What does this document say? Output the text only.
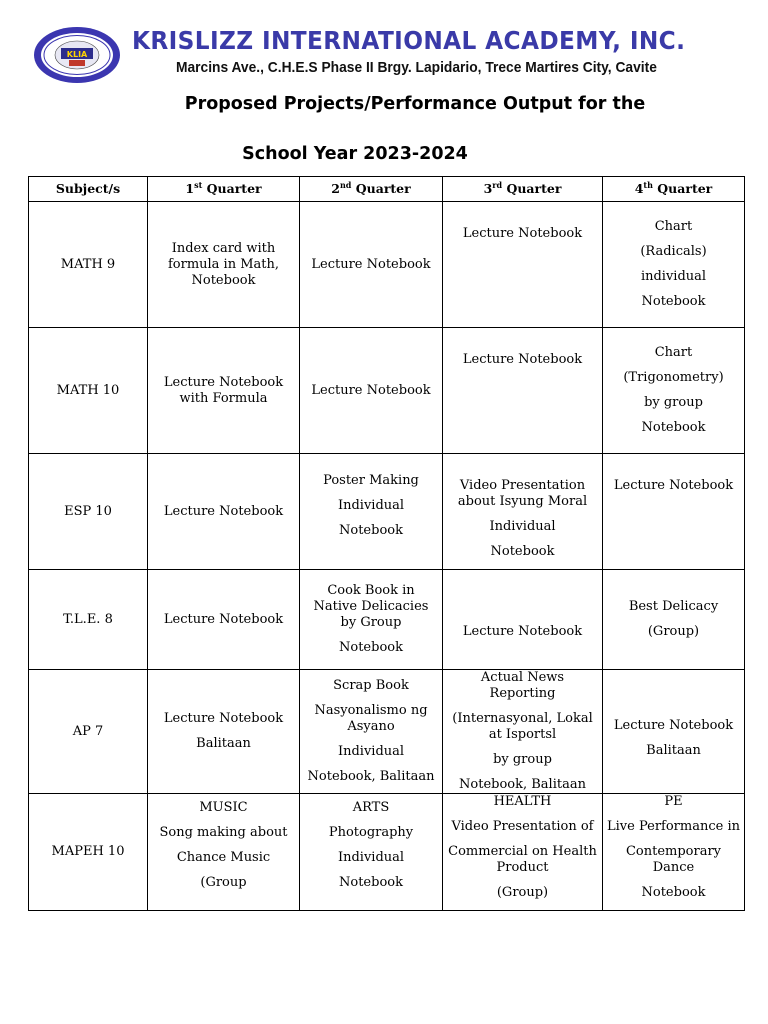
KLIA KRISLIZZ INTERNATIONAL ACADEMY, INC.
Marcins Ave., C.H.E.S Phase II Brgy. Lapidario, Trece Martires City, Cavite
Proposed Projects/Performance Output for the
School Year 2023-2024
Subject/s	1st Quarter	2nd Quarter	3rd Quarter	4th Quarter
MATH 9	Index card with formula in Math, Notebook	Lecture Notebook	Lecture Notebook	Chart
(Radicals)
individual
Notebook

MATH 10	Lecture Notebook with Formula	Lecture Notebook	Lecture Notebook	Chart
(Trigonometry)
by group
Notebook

ESP 10	Lecture Notebook	Poster Making
Individual
Notebook	Video Presentation about Isyung Moral
Individual
Notebook	Lecture Notebook

T.L.E. 8	Lecture Notebook	Cook Book in Native Delicacies by Group
Notebook	Lecture Notebook	Best Delicacy
(Group)

AP 7	Lecture Notebook
Balitaan	Scrap Book
Nasyonalismo ng Asyano
Individual
Notebook, Balitaan	Actual News Reporting
(Internasyonal, Lokal at Isportsl
by group
Notebook, Balitaan	Lecture Notebook
Balitaan

MAPEH 10	MUSIC
Song making about
Chance Music
(Group	ARTS
Photography
Individual
Notebook	HEALTH
Video Presentation of
Commercial on Health Product
(Group)	PE
Live Performance in
Contemporary Dance
Notebook
